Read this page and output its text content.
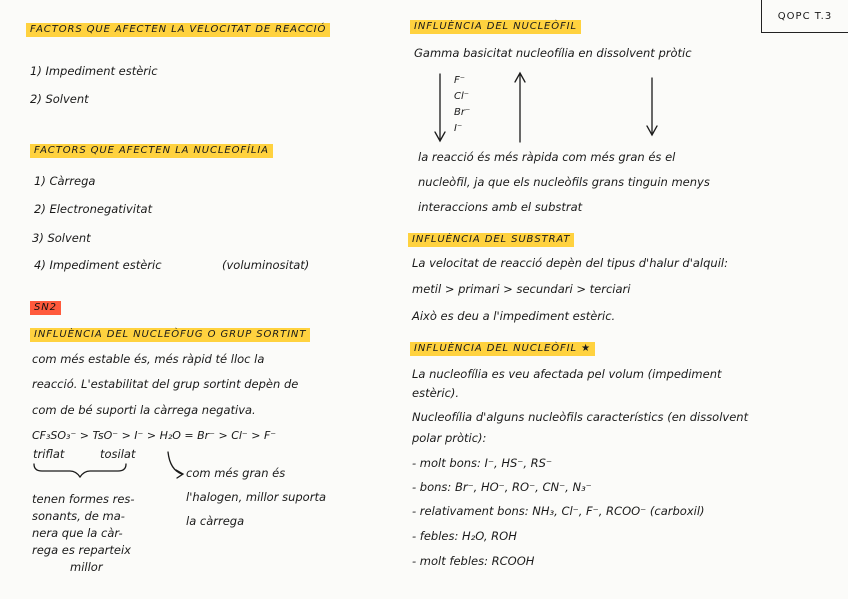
QOPC T.3
FACTORS QUE AFECTEN LA VELOCITAT DE REACCIÓ
1) Impediment estèric
2) Solvent
FACTORS QUE AFECTEN LA NUCLEOFÍLIA
1) Càrrega
2) Electronegativitat
3) Solvent
4) Impediment estèric	(voluminositat)
SN2
INFLUÈNCIA DEL NUCLEÒFUG O GRUP SORTINT
com més estable és, més ràpid té lloc la
reacció. L'estabilitat del grup sortint depèn de
com de bé suporti la càrrega negativa.
CF₃SO₃⁻ > TsO⁻ > I⁻ > H₂O = Br⁻ > Cl⁻ > F⁻
triflat	tosilat
com més gran és
l'halogen, millor suporta
la càrrega
tenen formes res-
sonants, de ma-
nera que la càr-
rega es reparteix
millor
INFLUÈNCIA DEL NUCLEÒFIL
Gamma basicitat nucleofília en dissolvent pròtic
F⁻
Cl⁻
Br⁻
I⁻
la reacció és més ràpida com més gran és el
nucleòfil, ja que els nucleòfils grans tinguin menys
interaccions amb el substrat
INFLUÈNCIA DEL SUBSTRAT
La velocitat de reacció depèn del tipus d'halur d'alquil:
metil > primari > secundari > terciari
Això es deu a l'impediment estèric.
INFLUÈNCIA DEL NUCLEÒFIL ★
La nucleofília es veu afectada pel volum (impediment
estèric).
Nucleofília d'alguns nucleòfils característics (en dissolvent
polar pròtic):
- molt bons: I⁻, HS⁻, RS⁻
- bons: Br⁻, HO⁻, RO⁻, CN⁻, N₃⁻
- relativament bons: NH₃, Cl⁻, F⁻, RCOO⁻ (carboxil)
- febles: H₂O, ROH
- molt febles: RCOOH
